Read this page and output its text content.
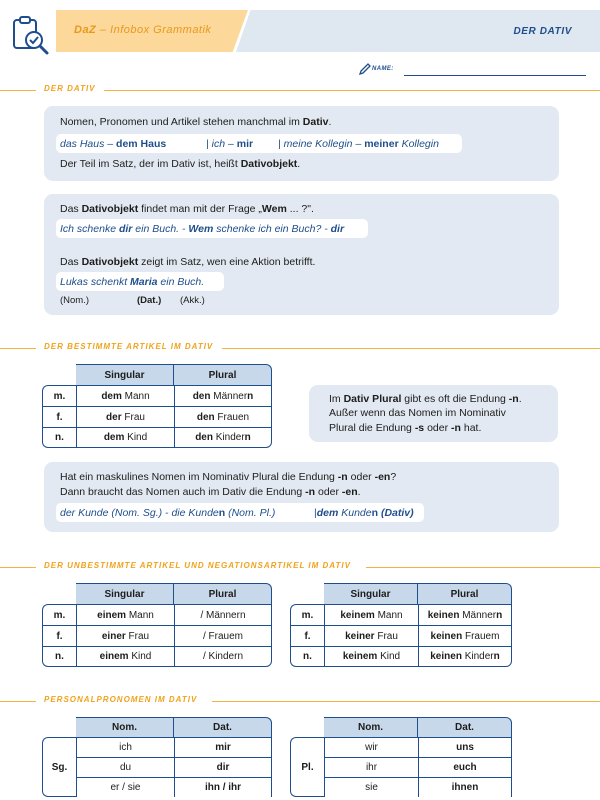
DaZ – Infobox Grammatik	DER DATIV
NAME:
DER DATIV
Nomen, Pronomen und Artikel stehen manchmal im Dativ.
das Haus – dem Haus	| ich – mir | meine Kollegin – meiner Kollegin
Der Teil im Satz, der im Dativ ist, heißt Dativobjekt.
Das Dativobjekt findet man mit der Frage „Wem ... ?".
Ich schenke dir ein Buch. - Wem schenke ich ein Buch? - dir
Das Dativobjekt zeigt im Satz, wen eine Aktion betrifft.
Lukas schenkt Maria ein Buch.
(Nom.)	(Dat.) (Akk.)
DER BESTIMMTE ARTIKEL IM DATIV
	Singular	Plural
m.	dem Mann	den Männern
f.	der Frau	den Frauen
n.	dem Kind	den Kindern
Im Dativ Plural gibt es oft die Endung -n.
Außer wenn das Nomen im Nominativ
Plural die Endung -s oder -n hat.
Hat ein maskulines Nomen im Nominativ Plural die Endung -n oder -en?
Dann braucht das Nomen auch im Dativ die Endung -n oder -en.
der Kunde (Nom. Sg.) - die Kunden (Nom. Pl.)	|dem Kunden (Dativ)
DER UNBESTIMMTE ARTIKEL UND NEGATIONSARTIKEL IM DATIV
	Singular	Plural
m.	einem Mann	/ Männern
f.	einer Frau	/ Frauem
n.	einem Kind	/ Kindern
	Singular	Plural
m.	keinem Mann	keinen Männern
f.	keiner Frau	keinen Frauem
n.	keinem Kind	keinen Kindern
PERSONALPRONOMEN IM DATIV
	Nom.	Dat.
Sg.	ich	mir
	du	dir
	er / sie	ihn / ihr
	Nom.	Dat.
Pl.	wir	uns
	ihr	euch
	sie	ihnen
